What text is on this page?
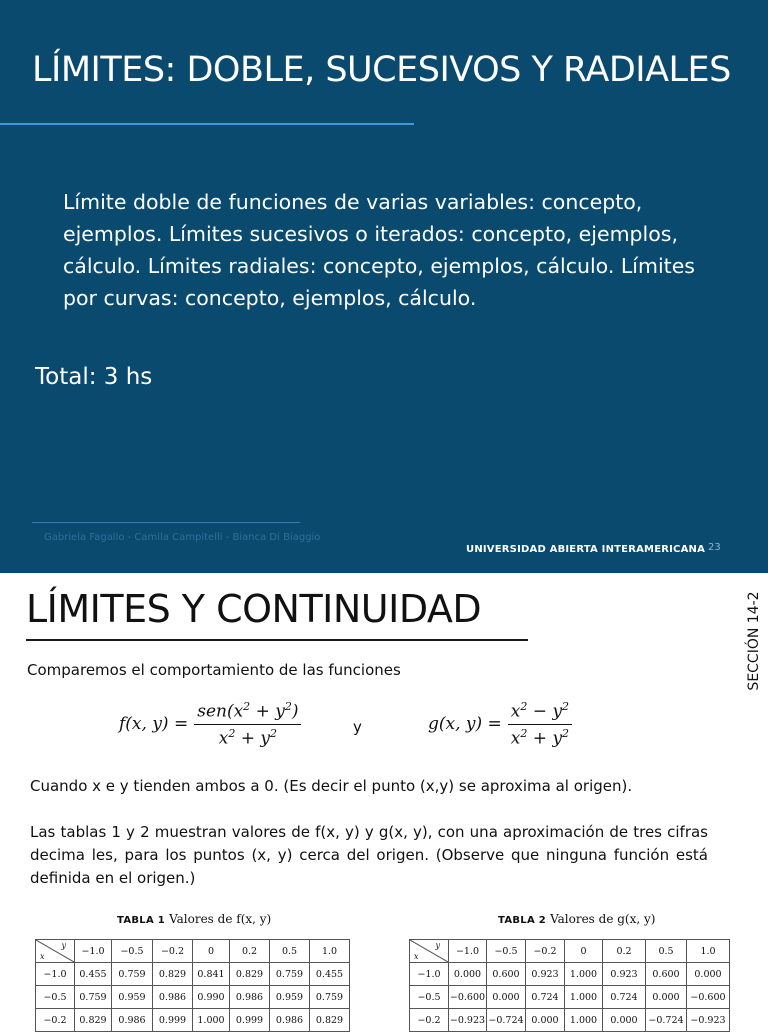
LÍMITES: DOBLE, SUCESIVOS Y RADIALES
Límite doble de funciones de varias variables: concepto, ejemplos. Límites sucesivos o iterados: concepto, ejemplos, cálculo. Límites radiales: concepto, ejemplos, cálculo. Límites por curvas: concepto, ejemplos, cálculo.
Total: 3 hs
Gabriela Fagallo - Camila Campitelli - Bianca Di Biaggio
UNIVERSIDAD ABIERTA INTERAMERICANA 23
LÍMITES Y CONTINUIDAD	SECCIÓN 14-2
Comparemos el comportamiento de las funciones
f(x, $y) = \frac{sen(x^2 + y^2)}{x^2 + y^2}$	y	g(x, $y) = \frac{x^2 - y^2}{x^2 + y^2}$
Cuando x e y tienden ambos a 0. (Es decir el punto (x,y) se aproxima al origen).
Las tablas 1 y 2 muestran valores de f(x, y) y g(x, y), con una aproximación de tres cifras decima les, para los puntos (x, y) cerca del origen. (Observe que ninguna función está definida en el origen.)
TABLA 1 Valores de f(x, y)
y
x	−1.0	−0.5	−0.2	0	0.2	0.5	1.0
−1.0	0.455	0.759	0.829	0.841	0.829	0.759	0.455
−0.5	0.759	0.959	0.986	0.990	0.986	0.959	0.759
−0.2	0.829	0.986	0.999	1.000	0.999	0.986	0.829
TABLA 2 Valores de g(x, y)
y
x	−1.0	−0.5	−0.2	0	0.2	0.5	1.0
−1.0	0.000	0.600	0.923	1.000	0.923	0.600	0.000
−0.5	−0.600	0.000	0.724	1.000	0.724	0.000	−0.600
−0.2	−0.923	−0.724	0.000	1.000	0.000	−0.724	−0.923
